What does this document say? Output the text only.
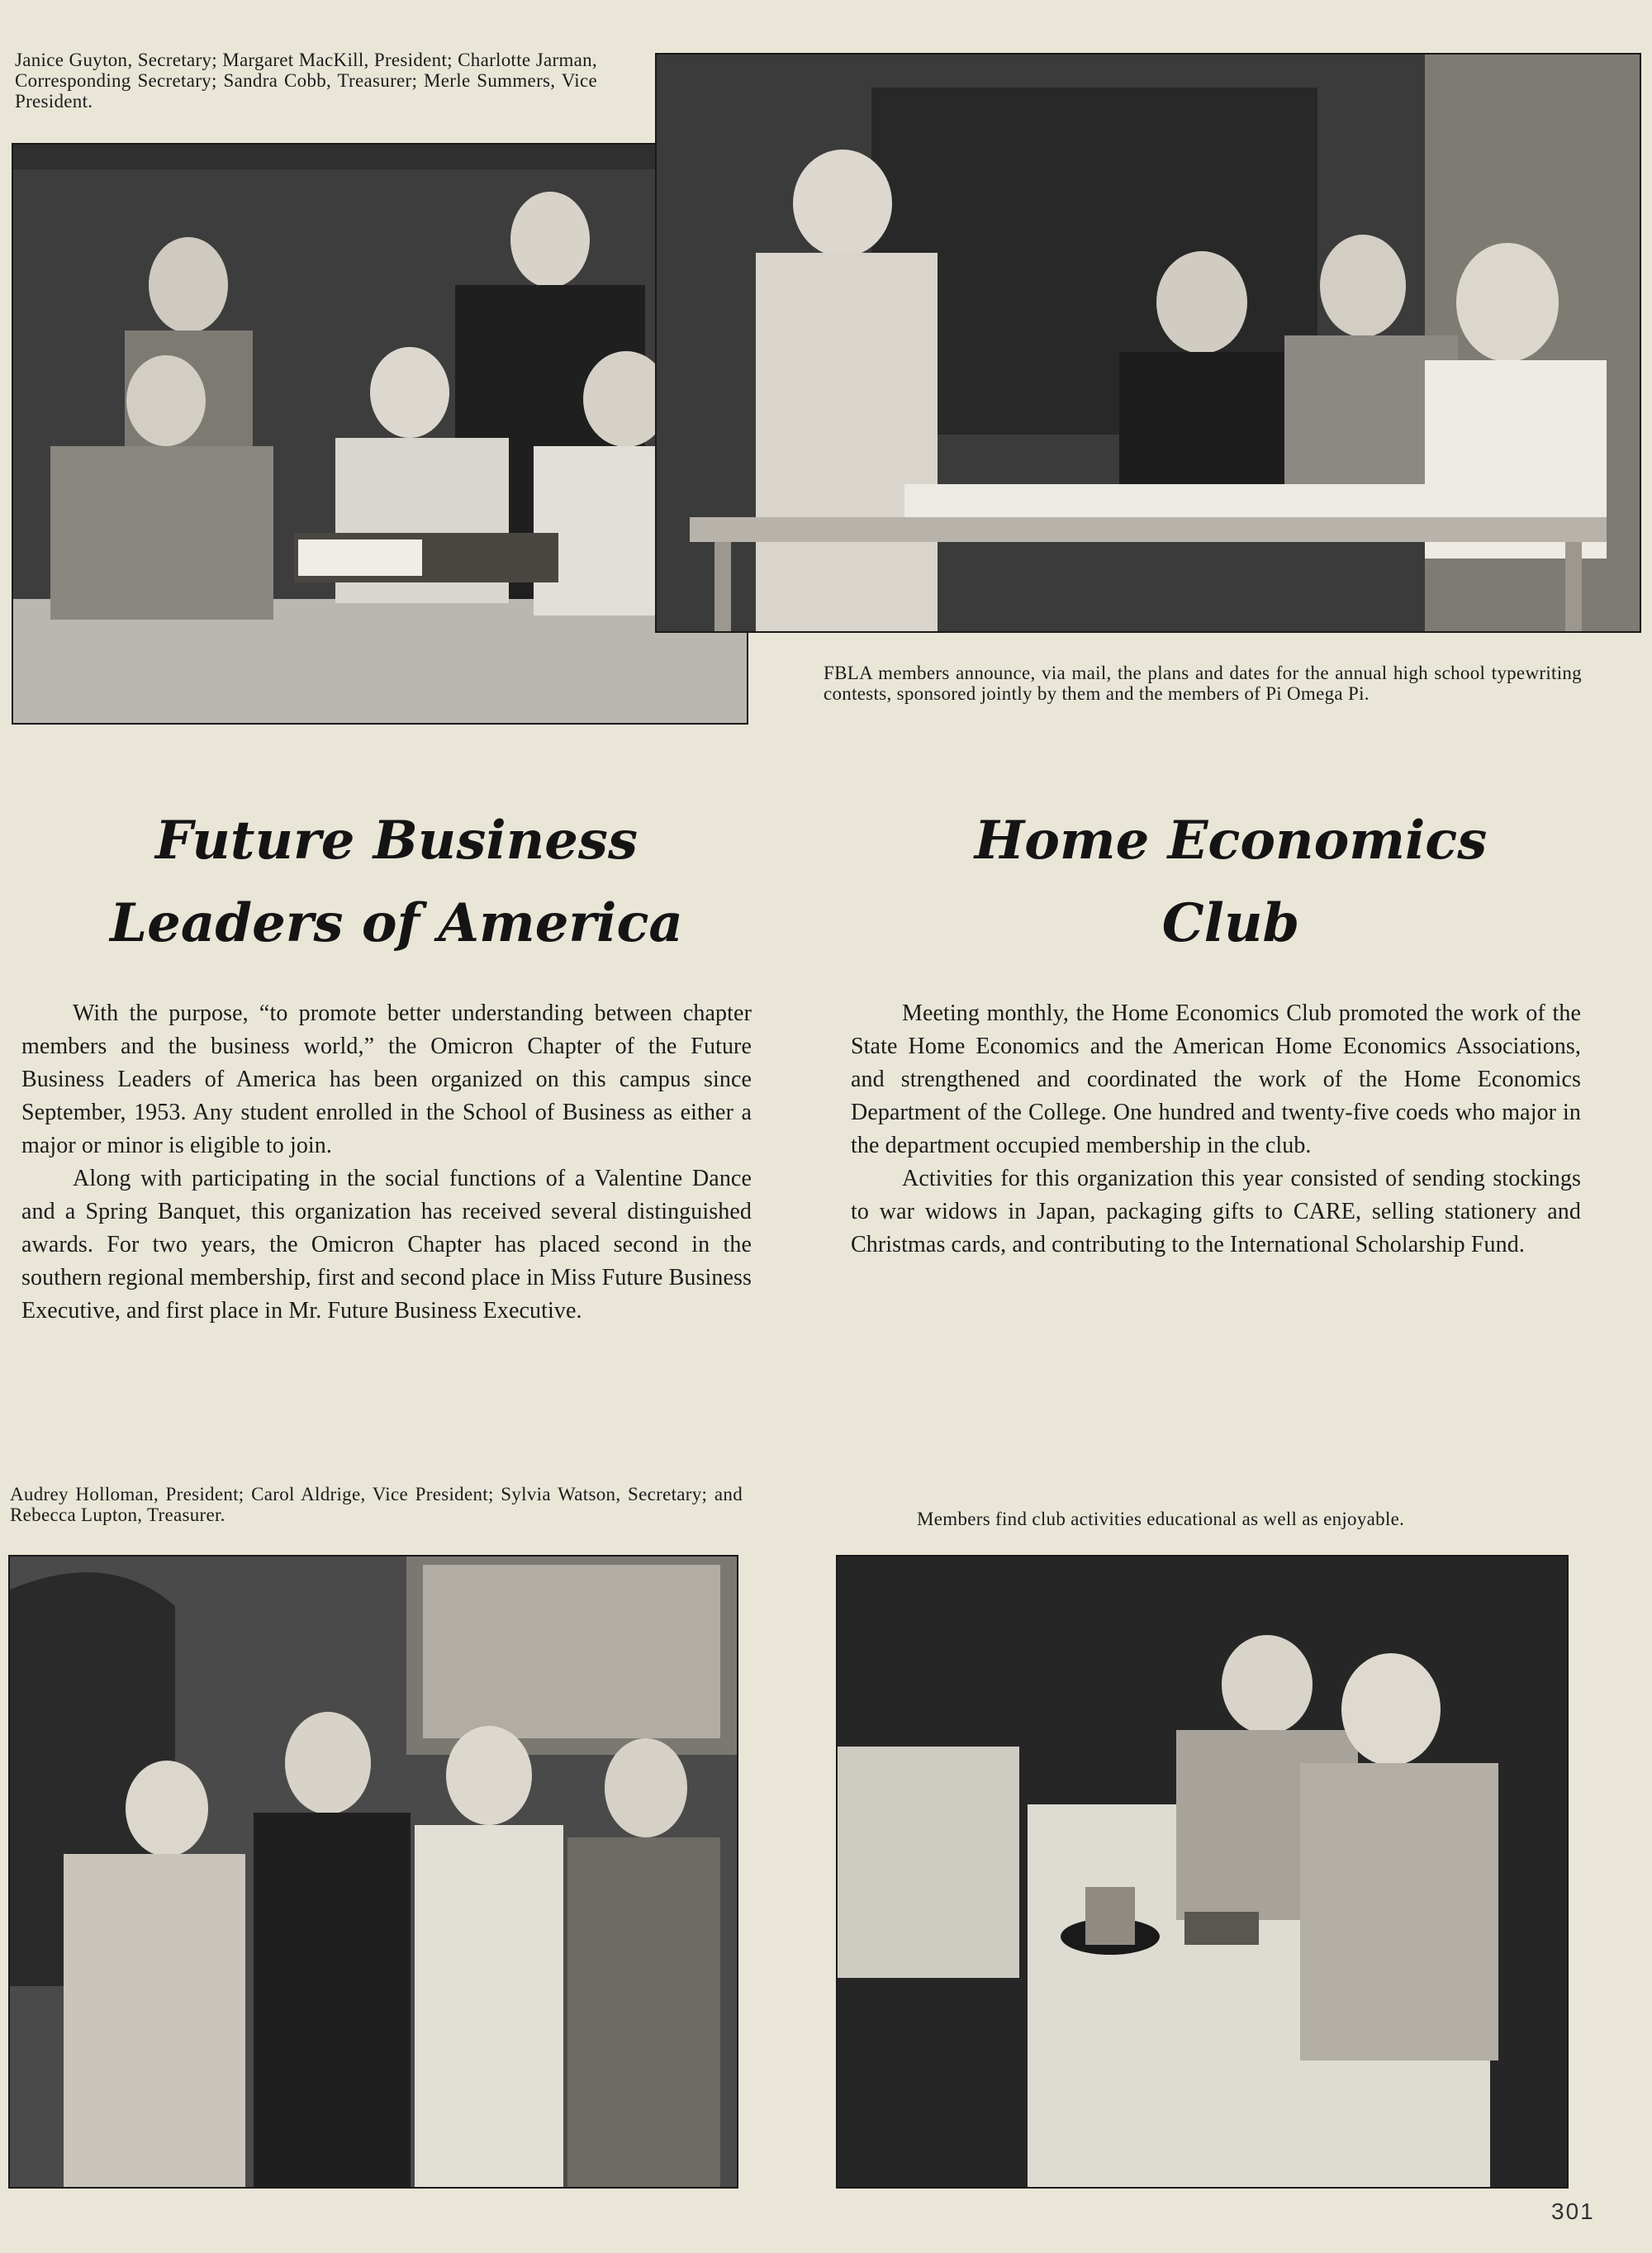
Janice Guyton, Secretary; Margaret MacKill, President; Charlotte Jarman, Corresponding Secretary; Sandra Cobb, Treasurer; Merle Summers, Vice President.
FBLA members announce, via mail, the plans and dates for the annual high school typewriting contests, sponsored jointly by them and the members of Pi Omega Pi.
Future Business
Leaders of America
Home Economics
Club

With the purpose, “to promote better understanding between chapter members and the business world,” the Omicron Chapter of the Future Business Leaders of America has been organized on this campus since September, 1953. Any student enrolled in the School of Business as either a major or minor is eligible to join.

Along with participating in the social functions of a Valentine Dance and a Spring Banquet, this organization has received several distinguished awards. For two years, the Omicron Chapter has placed second in the southern regional membership, first and second place in Miss Future Business Executive, and first place in Mr. Future Business Executive.

Meeting monthly, the Home Economics Club promoted the work of the State Home Economics and the American Home Economics Associations, and strengthened and coordinated the work of the Home Economics Department of the College. One hundred and twenty-five coeds who major in the department occupied membership in the club.

Activities for this organization this year consisted of sending stockings to war widows in Japan, packaging gifts to CARE, selling stationery and Christmas cards, and contributing to the International Scholarship Fund.

Audrey Holloman, President; Carol Aldrige, Vice President; Sylvia Watson, Secretary; and Rebecca Lupton, Treasurer.	Members find club activities educational as well as enjoyable.
301
